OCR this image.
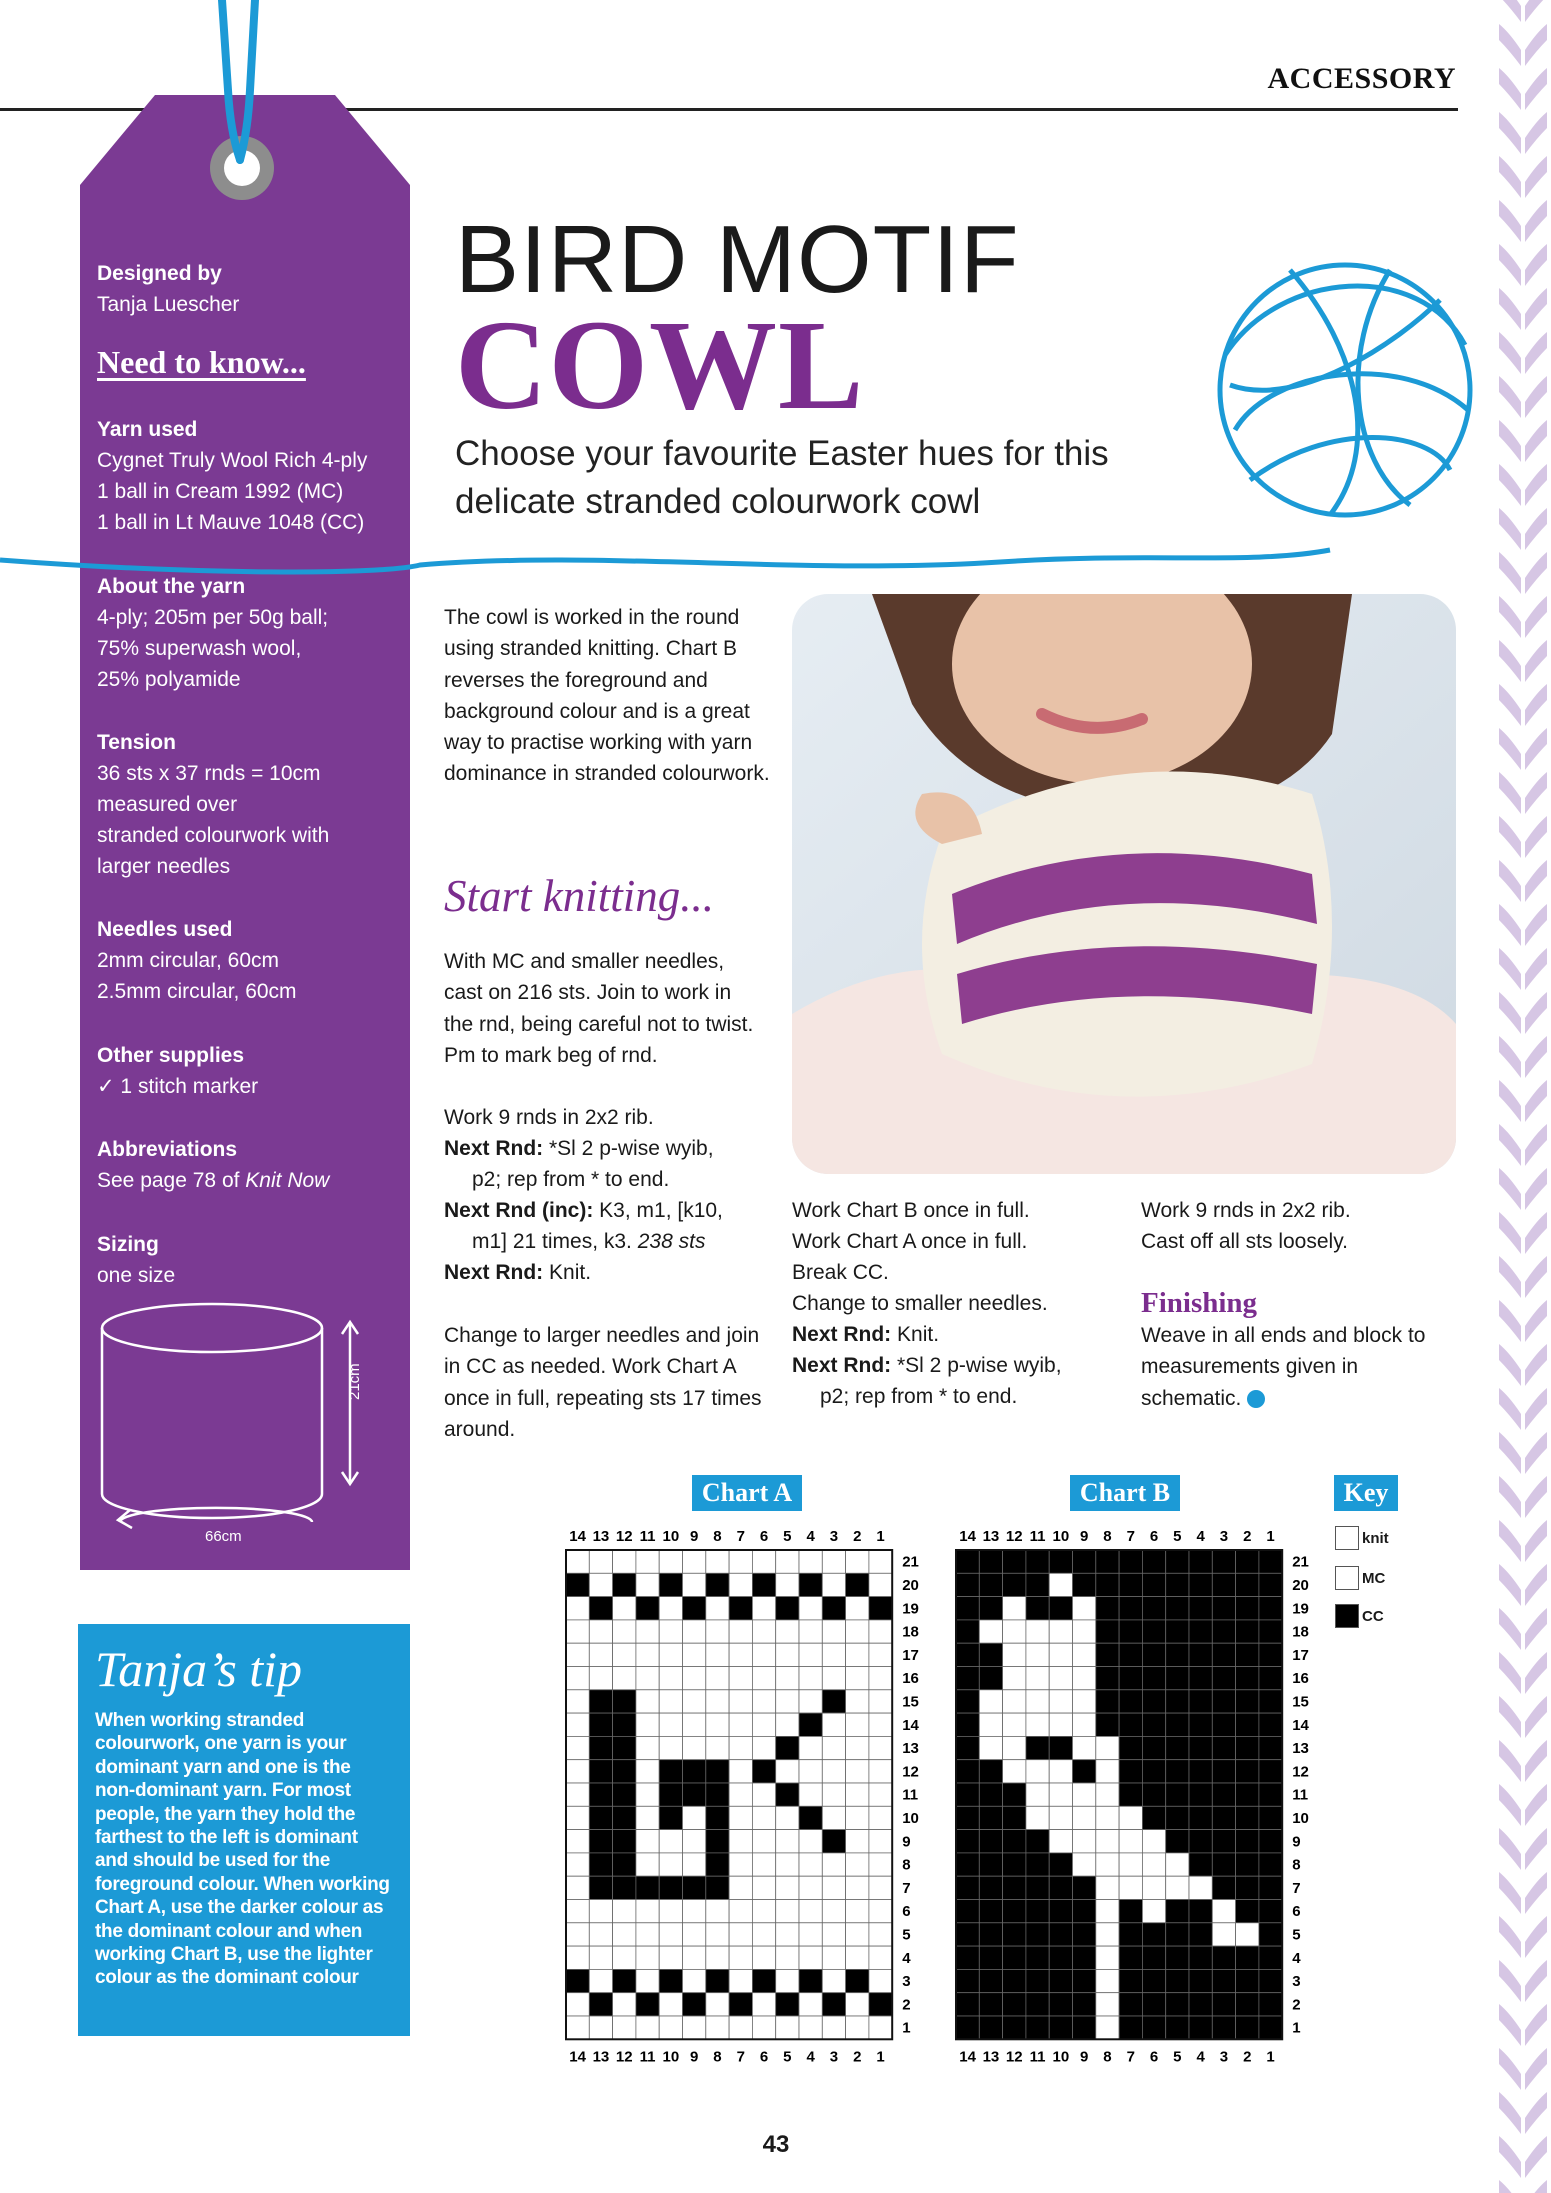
ACCESSORY
Designed by
Tanja Luescher
Need to know...
Yarn used
Cygnet Truly Wool Rich 4-ply
1 ball in Cream 1992 (MC)
1 ball in Lt Mauve 1048 (CC)
About the yarn
4-ply; 205m per 50g ball;
75% superwash wool,
25% polyamide
Tension
36 sts x 37 rnds = 10cm
measured over
stranded colourwork with
larger needles
Needles used
2mm circular, 60cm
2.5mm circular, 60cm
Other supplies
✓ 1 stitch marker
Abbreviations
See page 78 of Knit Now
Sizing
one size
21cm
66cm
BIRD MOTIF
COWL
Choose your favourite Easter hues for this delicate stranded colourwork cowl
The cowl is worked in the round using stranded knitting. Chart B reverses the foreground and background colour and is a great way to practise working with yarn dominance in stranded colourwork.
Start knitting...
With MC and smaller needles, cast on 216 sts. Join to work in the rnd, being careful not to twist. Pm to mark beg of rnd.
Work 9 rnds in 2x2 rib.
Next Rnd: *Sl 2 p-wise wyib,
p2; rep from * to end.
Next Rnd (inc): K3, m1, [k10,
m1] 21 times, k3. 238 sts
Next Rnd: Knit.
Change to larger needles and join in CC as needed. Work Chart A once in full, repeating sts 17 times around.
Work Chart B once in full.
Work Chart A once in full.
Break CC.
Change to smaller needles.
Next Rnd: Knit.
Next Rnd: *Sl 2 p-wise wyib,
p2; rep from * to end.
Work 9 rnds in 2x2 rib.
Cast off all sts loosely.
Finishing
Weave in all ends and block to measurements given in schematic.
Tanja’s tip
When working stranded colourwork, one yarn is your dominant yarn and one is the non-dominant yarn. For most people, the yarn they hold the farthest to the left is dominant and should be used for the foreground colour. When working Chart A, use the darker colour as the dominant colour and when working Chart B, use the lighter colour as the dominant colour
Chart A	Chart B	Key
knit
MC
CC
14
14
13
13
12
12
11
11
10
10
9
9
8
8
7
7
6
6
5
5
4
4
3
3
2
2
1
1
21
20
19
18
17
16
15
14
13
12
11
10
9
8
7
6
5
4
3
2
1
14
14
13
13
12
12
11
11
10
10
9
9
8
8
7
7
6
6
5
5
4
4
3
3
2
2
1
1
21
20
19
18
17
16
15
14
13
12
11
10
9
8
7
6
5
4
3
2
1
43
